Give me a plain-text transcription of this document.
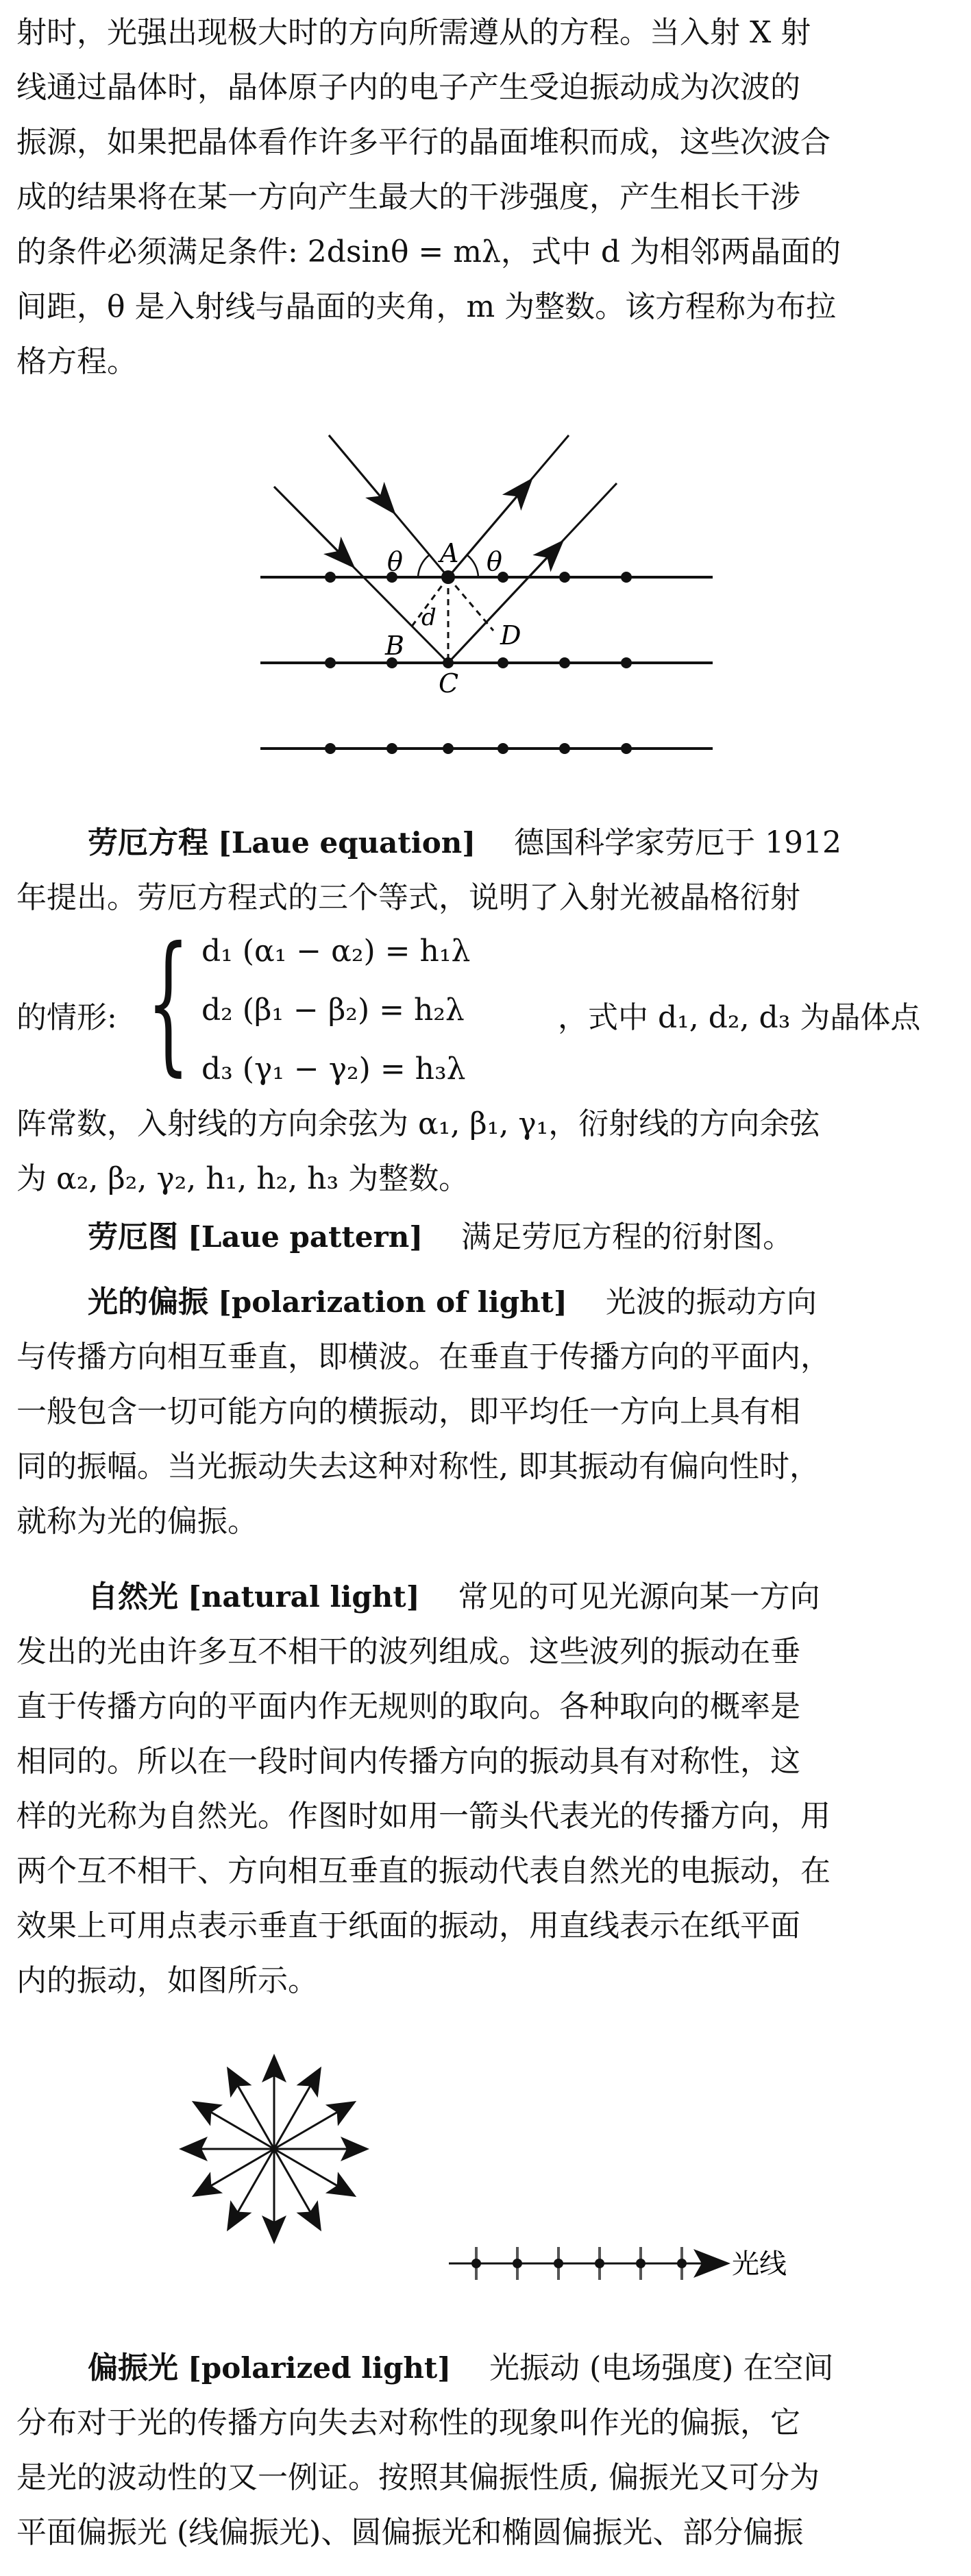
射时，光强出现极大时的方向所需遵从的方程。当入射 X 射
线通过晶体时，晶体原子内的电子产生受迫振动成为次波的
振源，如果把晶体看作许多平行的晶面堆积而成，这些次波合
成的结果将在某一方向产生最大的干涉强度，产生相长干涉
的条件必须满足条件: 2dsinθ = mλ，式中 d 为相邻两晶面的
间距，θ 是入射线与晶面的夹角，m 为整数。该方程称为布拉
格方程。
θ	θ
A
d
B	D
C
劳厄方程 [Laue equation] 德国科学家劳厄于 1912
年提出。劳厄方程式的三个等式，说明了入射光被晶格衍射
的情形: { d₁ (α₁ − α₂) = h₁λ
d₂ (β₁ − β₂) = h₂λ
d₃ (γ₁ − γ₂) = h₃λ
，式中 d₁, d₂, d₃ 为晶体点
阵常数，入射线的方向余弦为 α₁, β₁, γ₁，衍射线的方向余弦
为 α₂, β₂, γ₂, h₁, h₂, h₃ 为整数。
劳厄图 [Laue pattern] 满足劳厄方程的衍射图。
光的偏振 [polarization of light] 光波的振动方向
与传播方向相互垂直，即横波。在垂直于传播方向的平面内，
一般包含一切可能方向的横振动，即平均任一方向上具有相
同的振幅。当光振动失去这种对称性, 即其振动有偏向性时，
就称为光的偏振。
自然光 [natural light] 常见的可见光源向某一方向
发出的光由许多互不相干的波列组成。这些波列的振动在垂
直于传播方向的平面内作无规则的取向。各种取向的概率是
相同的。所以在一段时间内传播方向的振动具有对称性，这
样的光称为自然光。作图时如用一箭头代表光的传播方向，用
两个互不相干、方向相互垂直的振动代表自然光的电振动，在
效果上可用点表示垂直于纸面的振动，用直线表示在纸平面
内的振动，如图所示。
光线
偏振光 [polarized light] 光振动 (电场强度) 在空间
分布对于光的传播方向失去对称性的现象叫作光的偏振，它
是光的波动性的又一例证。按照其偏振性质, 偏振光又可分为
平面偏振光 (线偏振光)、圆偏振光和椭圆偏振光、部分偏振
